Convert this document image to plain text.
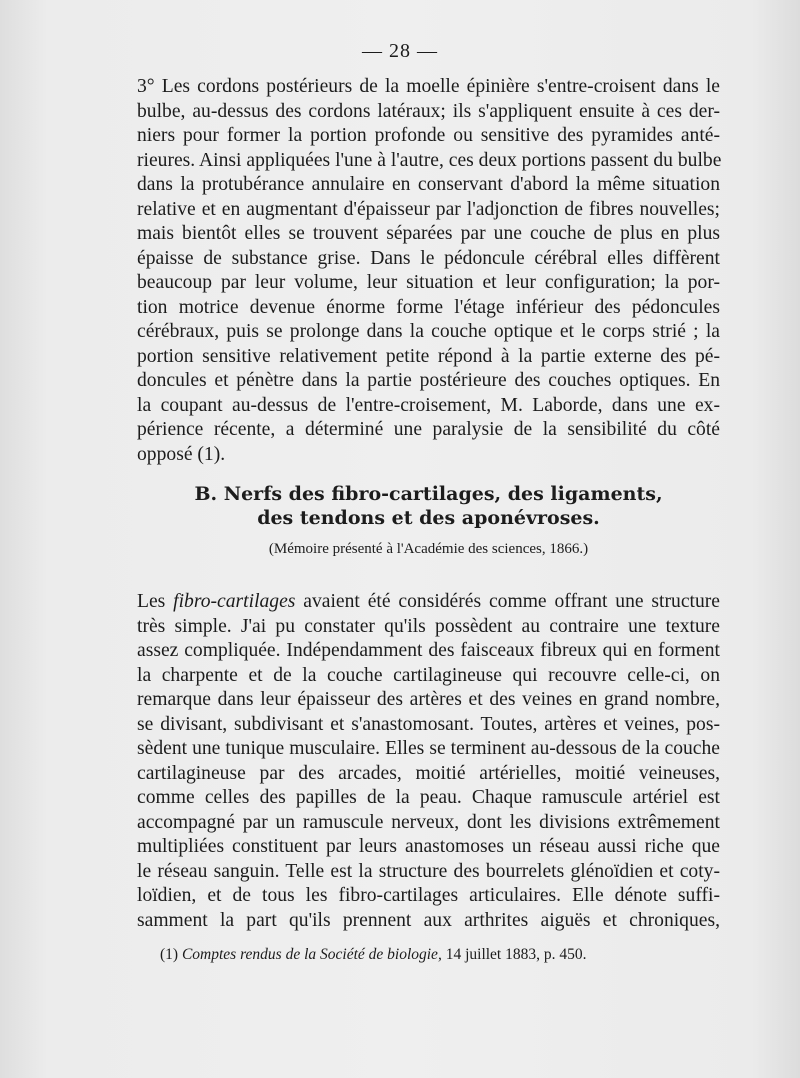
— 28 —
3° Les cordons postérieurs de la moelle épinière s'entre-croisent dans le
bulbe, au-dessus des cordons latéraux; ils s'appliquent ensuite à ces der-
niers pour former la portion profonde ou sensitive des pyramides anté-
rieures. Ainsi appliquées l'une à l'autre, ces deux portions passent du bulbe
dans la protubérance annulaire en conservant d'abord la même situation
relative et en augmentant d'épaisseur par l'adjonction de fibres nouvelles;
mais bientôt elles se trouvent séparées par une couche de plus en plus
épaisse de substance grise. Dans le pédoncule cérébral elles diffèrent
beaucoup par leur volume, leur situation et leur configuration; la por-
tion motrice devenue énorme forme l'étage inférieur des pédoncules
cérébraux, puis se prolonge dans la couche optique et le corps strié ; la
portion sensitive relativement petite répond à la partie externe des pé-
doncules et pénètre dans la partie postérieure des couches optiques. En
la coupant au-dessus de l'entre-croisement, M. Laborde, dans une ex-
périence récente, a déterminé une paralysie de la sensibilité du côté
opposé (1).
B. Nerfs des fibro-cartilages, des ligaments,
des tendons et des aponévroses.
(Mémoire présenté à l'Académie des sciences, 1866.)
Les fibro-cartilages avaient été considérés comme offrant une structure
très simple. J'ai pu constater qu'ils possèdent au contraire une texture
assez compliquée. Indépendamment des faisceaux fibreux qui en forment
la charpente et de la couche cartilagineuse qui recouvre celle-ci, on
remarque dans leur épaisseur des artères et des veines en grand nombre,
se divisant, subdivisant et s'anastomosant. Toutes, artères et veines, pos-
sèdent une tunique musculaire. Elles se terminent au-dessous de la couche
cartilagineuse par des arcades, moitié artérielles, moitié veineuses,
comme celles des papilles de la peau. Chaque ramuscule artériel est
accompagné par un ramuscule nerveux, dont les divisions extrêmement
multipliées constituent par leurs anastomoses un réseau aussi riche que
le réseau sanguin. Telle est la structure des bourrelets glénoïdien et coty-
loïdien, et de tous les fibro-cartilages articulaires. Elle dénote suffi-
samment la part qu'ils prennent aux arthrites aiguës et chroniques,
(1) Comptes rendus de la Société de biologie, 14 juillet 1883, p. 450.
